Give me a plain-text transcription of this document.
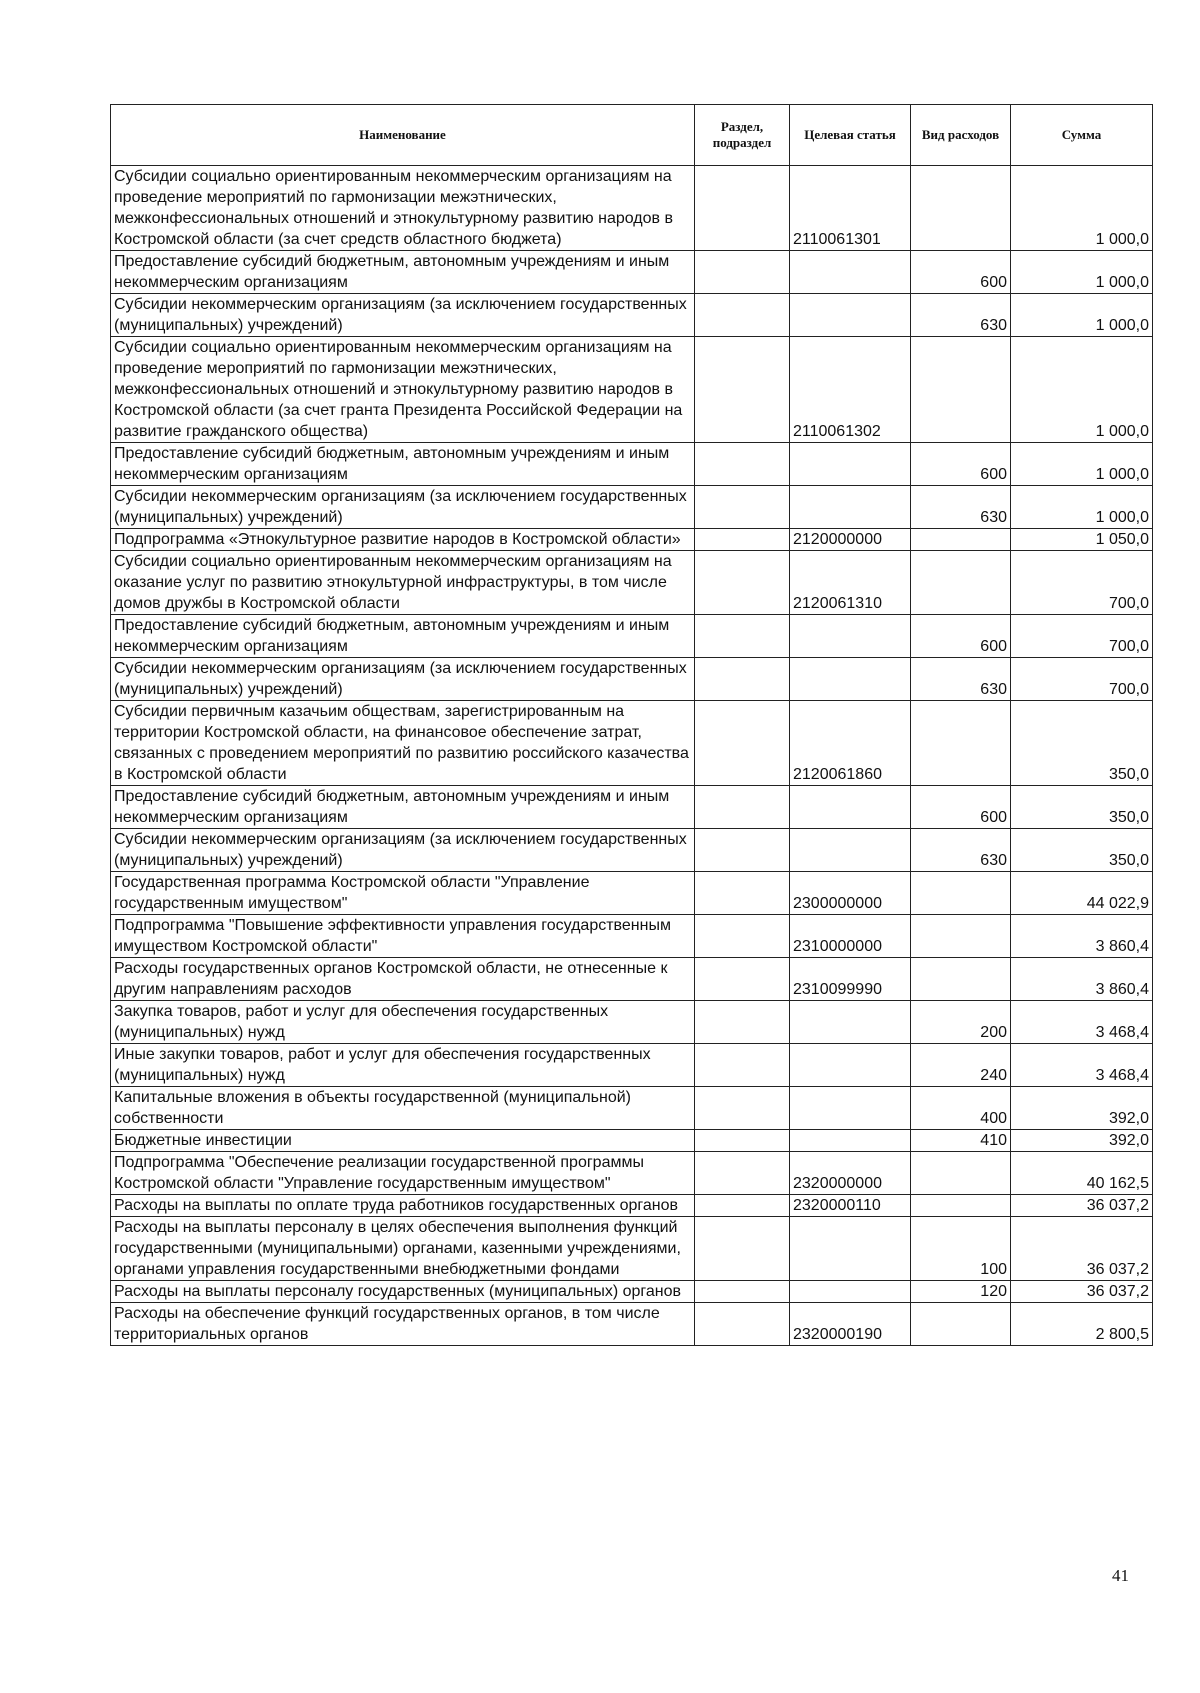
Наименование	Раздел, подраздел	Целевая статья	Вид расходов	Сумма
Субсидии социально ориентированным некоммерческим организациям на проведение мероприятий по гармонизации межэтнических, межконфессиональных отношений и этнокультурному развитию народов в Костромской области (за счет средств областного бюджета)		2110061301		1 000,0
Предоставление субсидий бюджетным, автономным учреждениям и иным некоммерческим организациям			600	1 000,0
Субсидии некоммерческим организациям (за исключением государственных (муниципальных) учреждений)			630	1 000,0
Субсидии социально ориентированным некоммерческим организациям на проведение мероприятий по гармонизации межэтнических, межконфессиональных отношений и этнокультурному развитию народов в Костромской области (за счет гранта Президента Российской Федерации на развитие гражданского общества)		2110061302		1 000,0
Предоставление субсидий бюджетным, автономным учреждениям и иным некоммерческим организациям			600	1 000,0
Субсидии некоммерческим организациям (за исключением государственных (муниципальных) учреждений)			630	1 000,0
Подпрограмма «Этнокультурное развитие народов в Костромской области»		2120000000		1 050,0
Субсидии социально ориентированным некоммерческим организациям на оказание услуг по развитию этнокультурной инфраструктуры, в том числе домов дружбы в Костромской области		2120061310		700,0
Предоставление субсидий бюджетным, автономным учреждениям и иным некоммерческим организациям			600	700,0
Субсидии некоммерческим организациям (за исключением государственных (муниципальных) учреждений)			630	700,0
Субсидии первичным казачьим обществам, зарегистрированным на территории Костромской области, на финансовое обеспечение затрат, связанных с проведением мероприятий по развитию российского казачества в Костромской области		2120061860		350,0
Предоставление субсидий бюджетным, автономным учреждениям и иным некоммерческим организациям			600	350,0
Субсидии некоммерческим организациям (за исключением государственных (муниципальных) учреждений)			630	350,0
Государственная программа Костромской области "Управление государственным имуществом"		2300000000		44 022,9
Подпрограмма "Повышение эффективности управления государственным имуществом Костромской области"		2310000000		3 860,4
Расходы государственных органов Костромской области, не отнесенные к другим направлениям расходов		2310099990		3 860,4
Закупка товаров, работ и услуг для обеспечения государственных (муниципальных) нужд			200	3 468,4
Иные закупки товаров, работ и услуг для обеспечения государственных (муниципальных) нужд			240	3 468,4
Капитальные вложения в объекты государственной (муниципальной) собственности			400	392,0
Бюджетные инвестиции			410	392,0
Подпрограмма "Обеспечение реализации государственной программы Костромской области "Управление государственным имуществом"		2320000000		40 162,5
Расходы на выплаты по оплате труда работников государственных органов		2320000110		36 037,2
Расходы на выплаты персоналу в целях обеспечения выполнения функций государственными (муниципальными) органами, казенными учреждениями, органами управления государственными внебюджетными фондами			100	36 037,2
Расходы на выплаты персоналу государственных (муниципальных) органов			120	36 037,2
Расходы на обеспечение функций государственных органов, в том числе территориальных органов		2320000190		2 800,5
41
